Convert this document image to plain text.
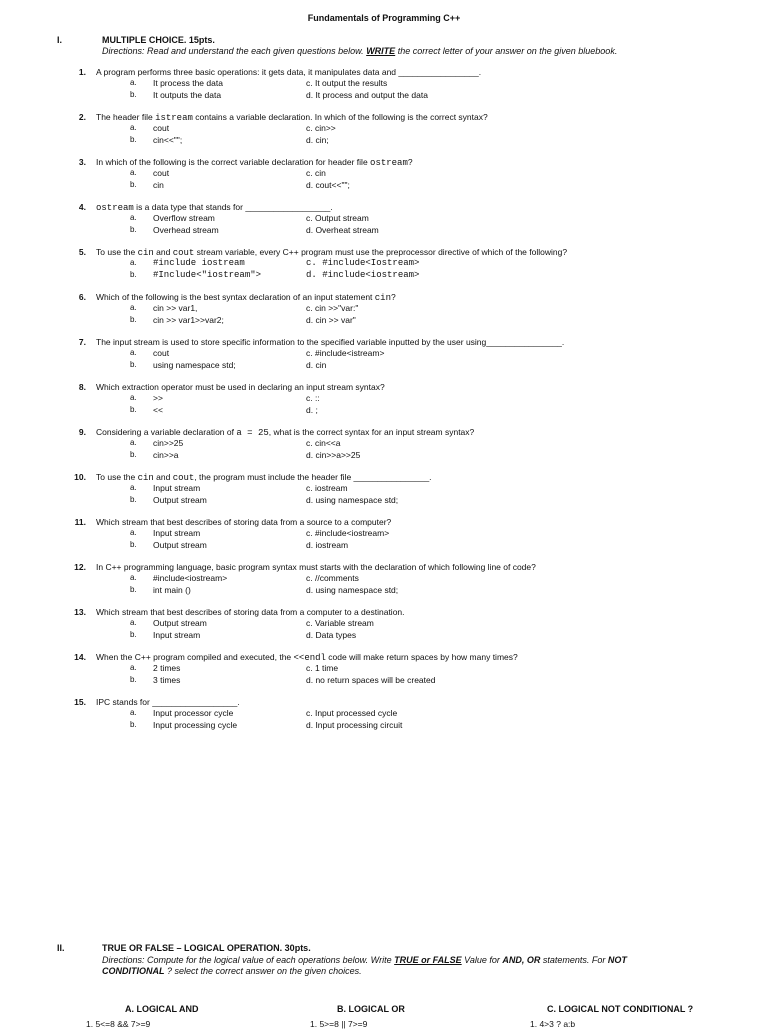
Fundamentals of Programming C++
I.	MULTIPLE CHOICE. 15pts.
Directions: Read and understand the each given questions below. WRITE the correct letter of your answer on the given bluebook.
1. A program performs three basic operations: it gets data, it manipulates data and _________________.
a. It process the data
b. It outputs the data
c. It output the results
d. It process and output the data
2. The header file istream contains a variable declaration. In which of the following is the correct syntax?
a. cout
b. cin<<"";
c. cin>>
d. cin;
3. In which of the following is the correct variable declaration for header file ostream?
a. cout
b. cin
c. cin
d. cout<<"";
4. ostream is a data type that stands for __________________.
a. Overflow stream
b. Overhead stream
c. Output stream
d. Overheat stream
5. To use the cin and cout stream variable, every C++ program must use the preprocessor directive of which of the following?
a. #include iostream
b. #Include<"iostream">
c. #include<Iostream>
d. #include<iostream>
6. Which of the following is the best syntax declaration of an input statement cin?
a. cin >> var1,
b. cin >> var1>>var2;
c. cin >>"var:"
d. cin >> var"
7. The input stream is used to store specific information to the specified variable inputted by the user using________________.
a. cout
b. using namespace std;
c. #include<istream>
d. cin
8. Which extraction operator must be used in declaring an input stream syntax?
a. >>
b. <<
c. ::
d. ;
9. Considering a variable declaration of a = 25, what is the correct syntax for an input stream syntax?
a. cin>>25
b. cin>>a
c. cin<<a
d. cin>>a>>25
10. To use the cin and cout, the program must include the header file ________________.
a. Input stream
b. Output stream
c. iostream
d. using namespace std;
11. Which stream that best describes of storing data from a source to a computer?
a. Input stream
b. Output stream
c. #include<iostream>
d. iostream
12. In C++ programming language, basic program syntax must starts with the declaration of which following line of code?
a. #include<iostream>
b. int main ()
c. //comments
d. using namespace std;
13. Which stream that best describes of storing data from a computer to a destination.
a. Output stream
b. Input stream
c. Variable stream
d. Data types
14. When the C++ program compiled and executed, the <<endl code will make return spaces by how many times?
a. 2 times
b. 3 times
c. 1 time
d. no return spaces will be created
15. IPC stands for __________________.
a. Input processor cycle
b. Input processing cycle
c. Input processed cycle
d. Input processing circuit
II.	TRUE OR FALSE – LOGICAL OPERATION. 30pts.
Directions: Compute for the logical value of each operations below. Write TRUE or FALSE Value for AND, OR statements. For NOT
CONDITIONAL ? select the correct answer on the given choices.
A. LOGICAL AND	B. LOGICAL OR	C. LOGICAL NOT CONDITIONAL ?
1. 5<=8 && 7>=9	1. 5>=8 || 7>=9	1. 4>3 ? a:b
